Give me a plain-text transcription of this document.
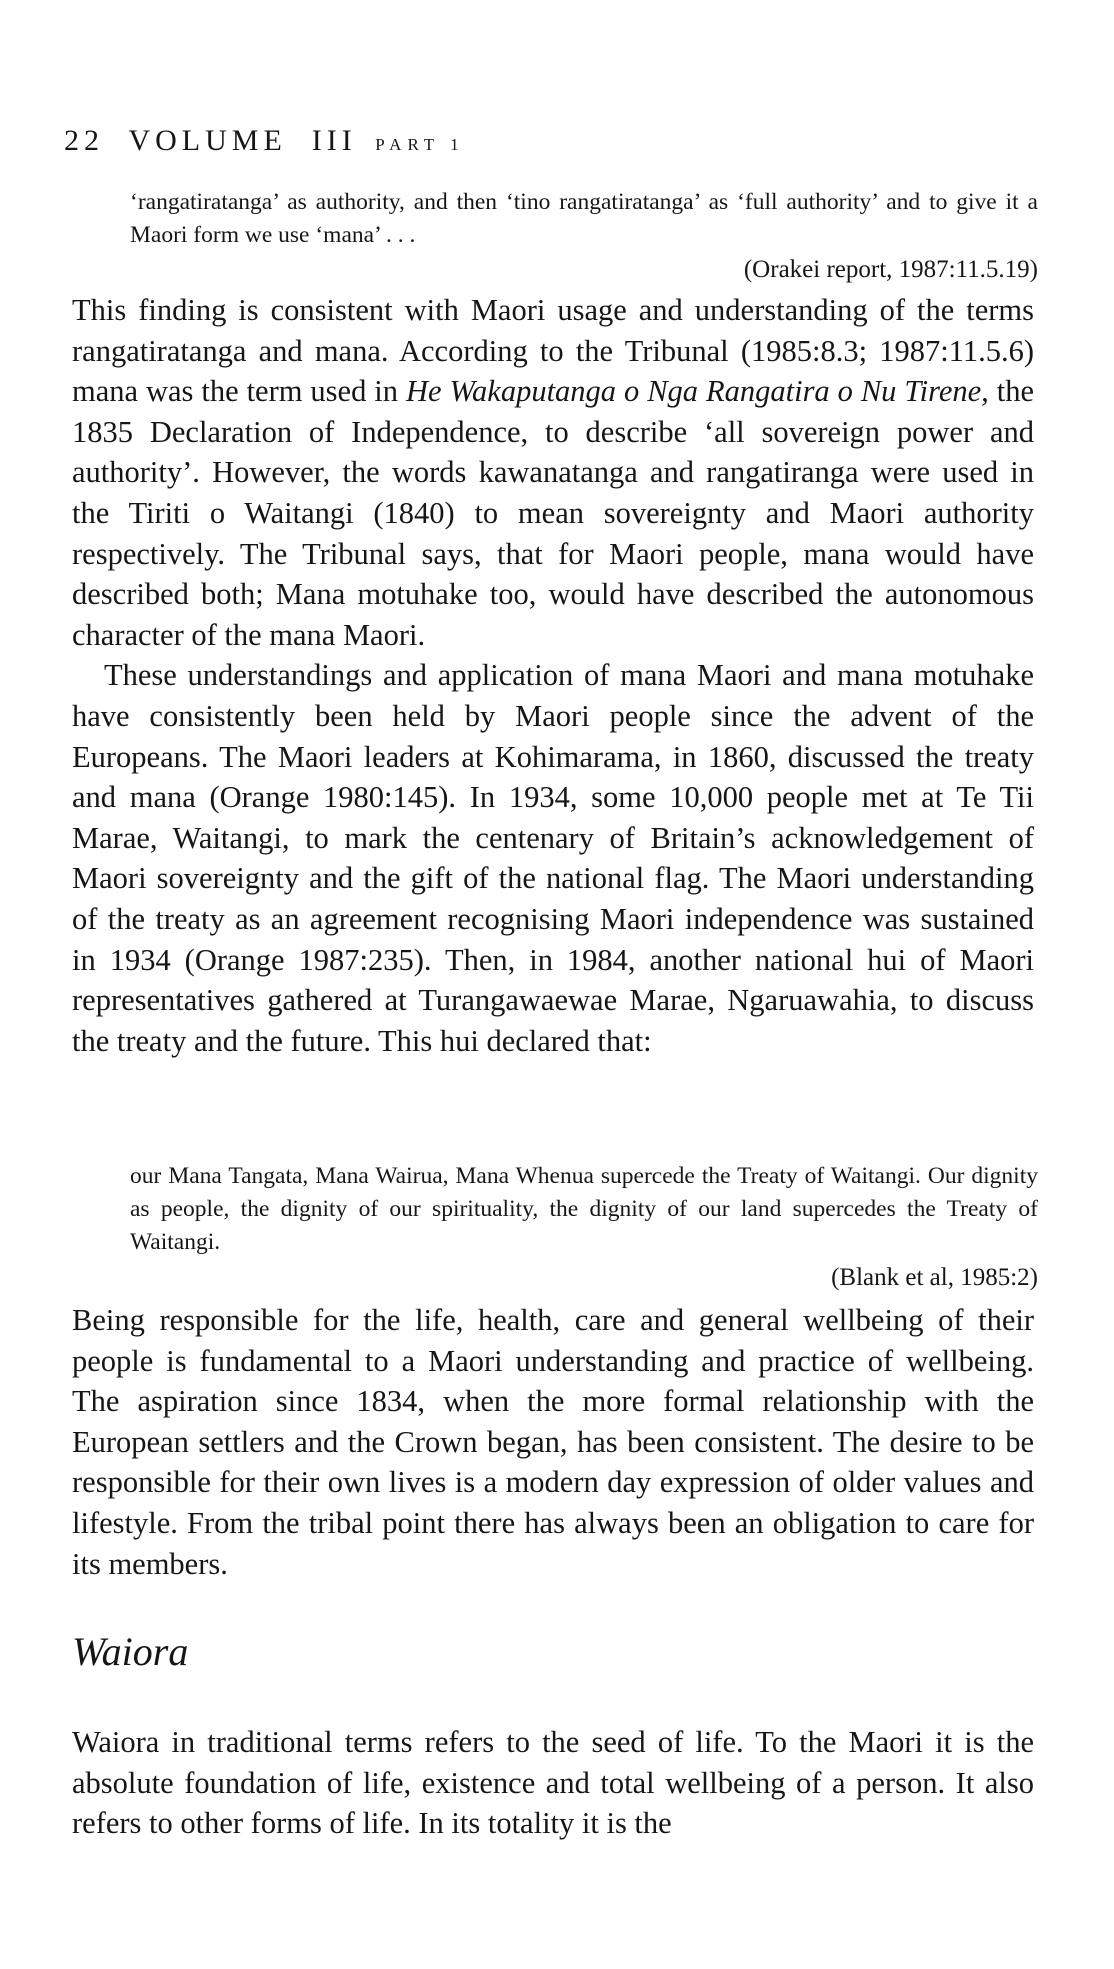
22 VOLUME III PART 1
‘rangatiratanga’ as authority, and then ‘tino rangatiratanga’ as ‘full authority’ and to give it a Maori form we use ‘mana’ . . .
(Orakei report, 1987:11.5.19)

This finding is consistent with Maori usage and understanding of the terms rangatiratanga and mana. According to the Tribunal (1985:8.3; 1987:11.5.6) mana was the term used in He Wakaputanga o Nga Rangatira o Nu Tirene, the 1835 Declaration of Independence, to describe ‘all sovereign power and authority’. However, the words kawanatanga and rangatiranga were used in the Tiriti o Waitangi (1840) to mean sovereignty and Maori authority respectively. The Tribunal says, that for Maori people, mana would have described both; Mana motuhake too, would have described the autonomous character of the mana Maori.

These understandings and application of mana Maori and mana motuhake have consistently been held by Maori people since the advent of the Europeans. The Maori leaders at Kohimarama, in 1860, discussed the treaty and mana (Orange 1980:145). In 1934, some 10,000 people met at Te Tii Marae, Waitangi, to mark the centenary of Britain’s acknowledgement of Maori sovereignty and the gift of the national flag. The Maori understanding of the treaty as an agreement recognising Maori independence was sustained in 1934 (Orange 1987:235). Then, in 1984, another national hui of Maori representatives gathered at Turangawaewae Marae, Ngaruawahia, to discuss the treaty and the future. This hui declared that:

our Mana Tangata, Mana Wairua, Mana Whenua supercede the Treaty of Waitangi. Our dignity as people, the dignity of our spirituality, the dignity of our land supercedes the Treaty of Waitangi.
(Blank et al, 1985:2)

Being responsible for the life, health, care and general wellbeing of their people is fundamental to a Maori understanding and practice of wellbeing. The aspiration since 1834, when the more formal relationship with the European settlers and the Crown began, has been consistent. The desire to be responsible for their own lives is a modern day expression of older values and lifestyle. From the tribal point there has always been an obligation to care for its members.

Waiora

Waiora in traditional terms refers to the seed of life. To the Maori it is the absolute foundation of life, existence and total wellbeing of a person. It also refers to other forms of life. In its totality it is the
